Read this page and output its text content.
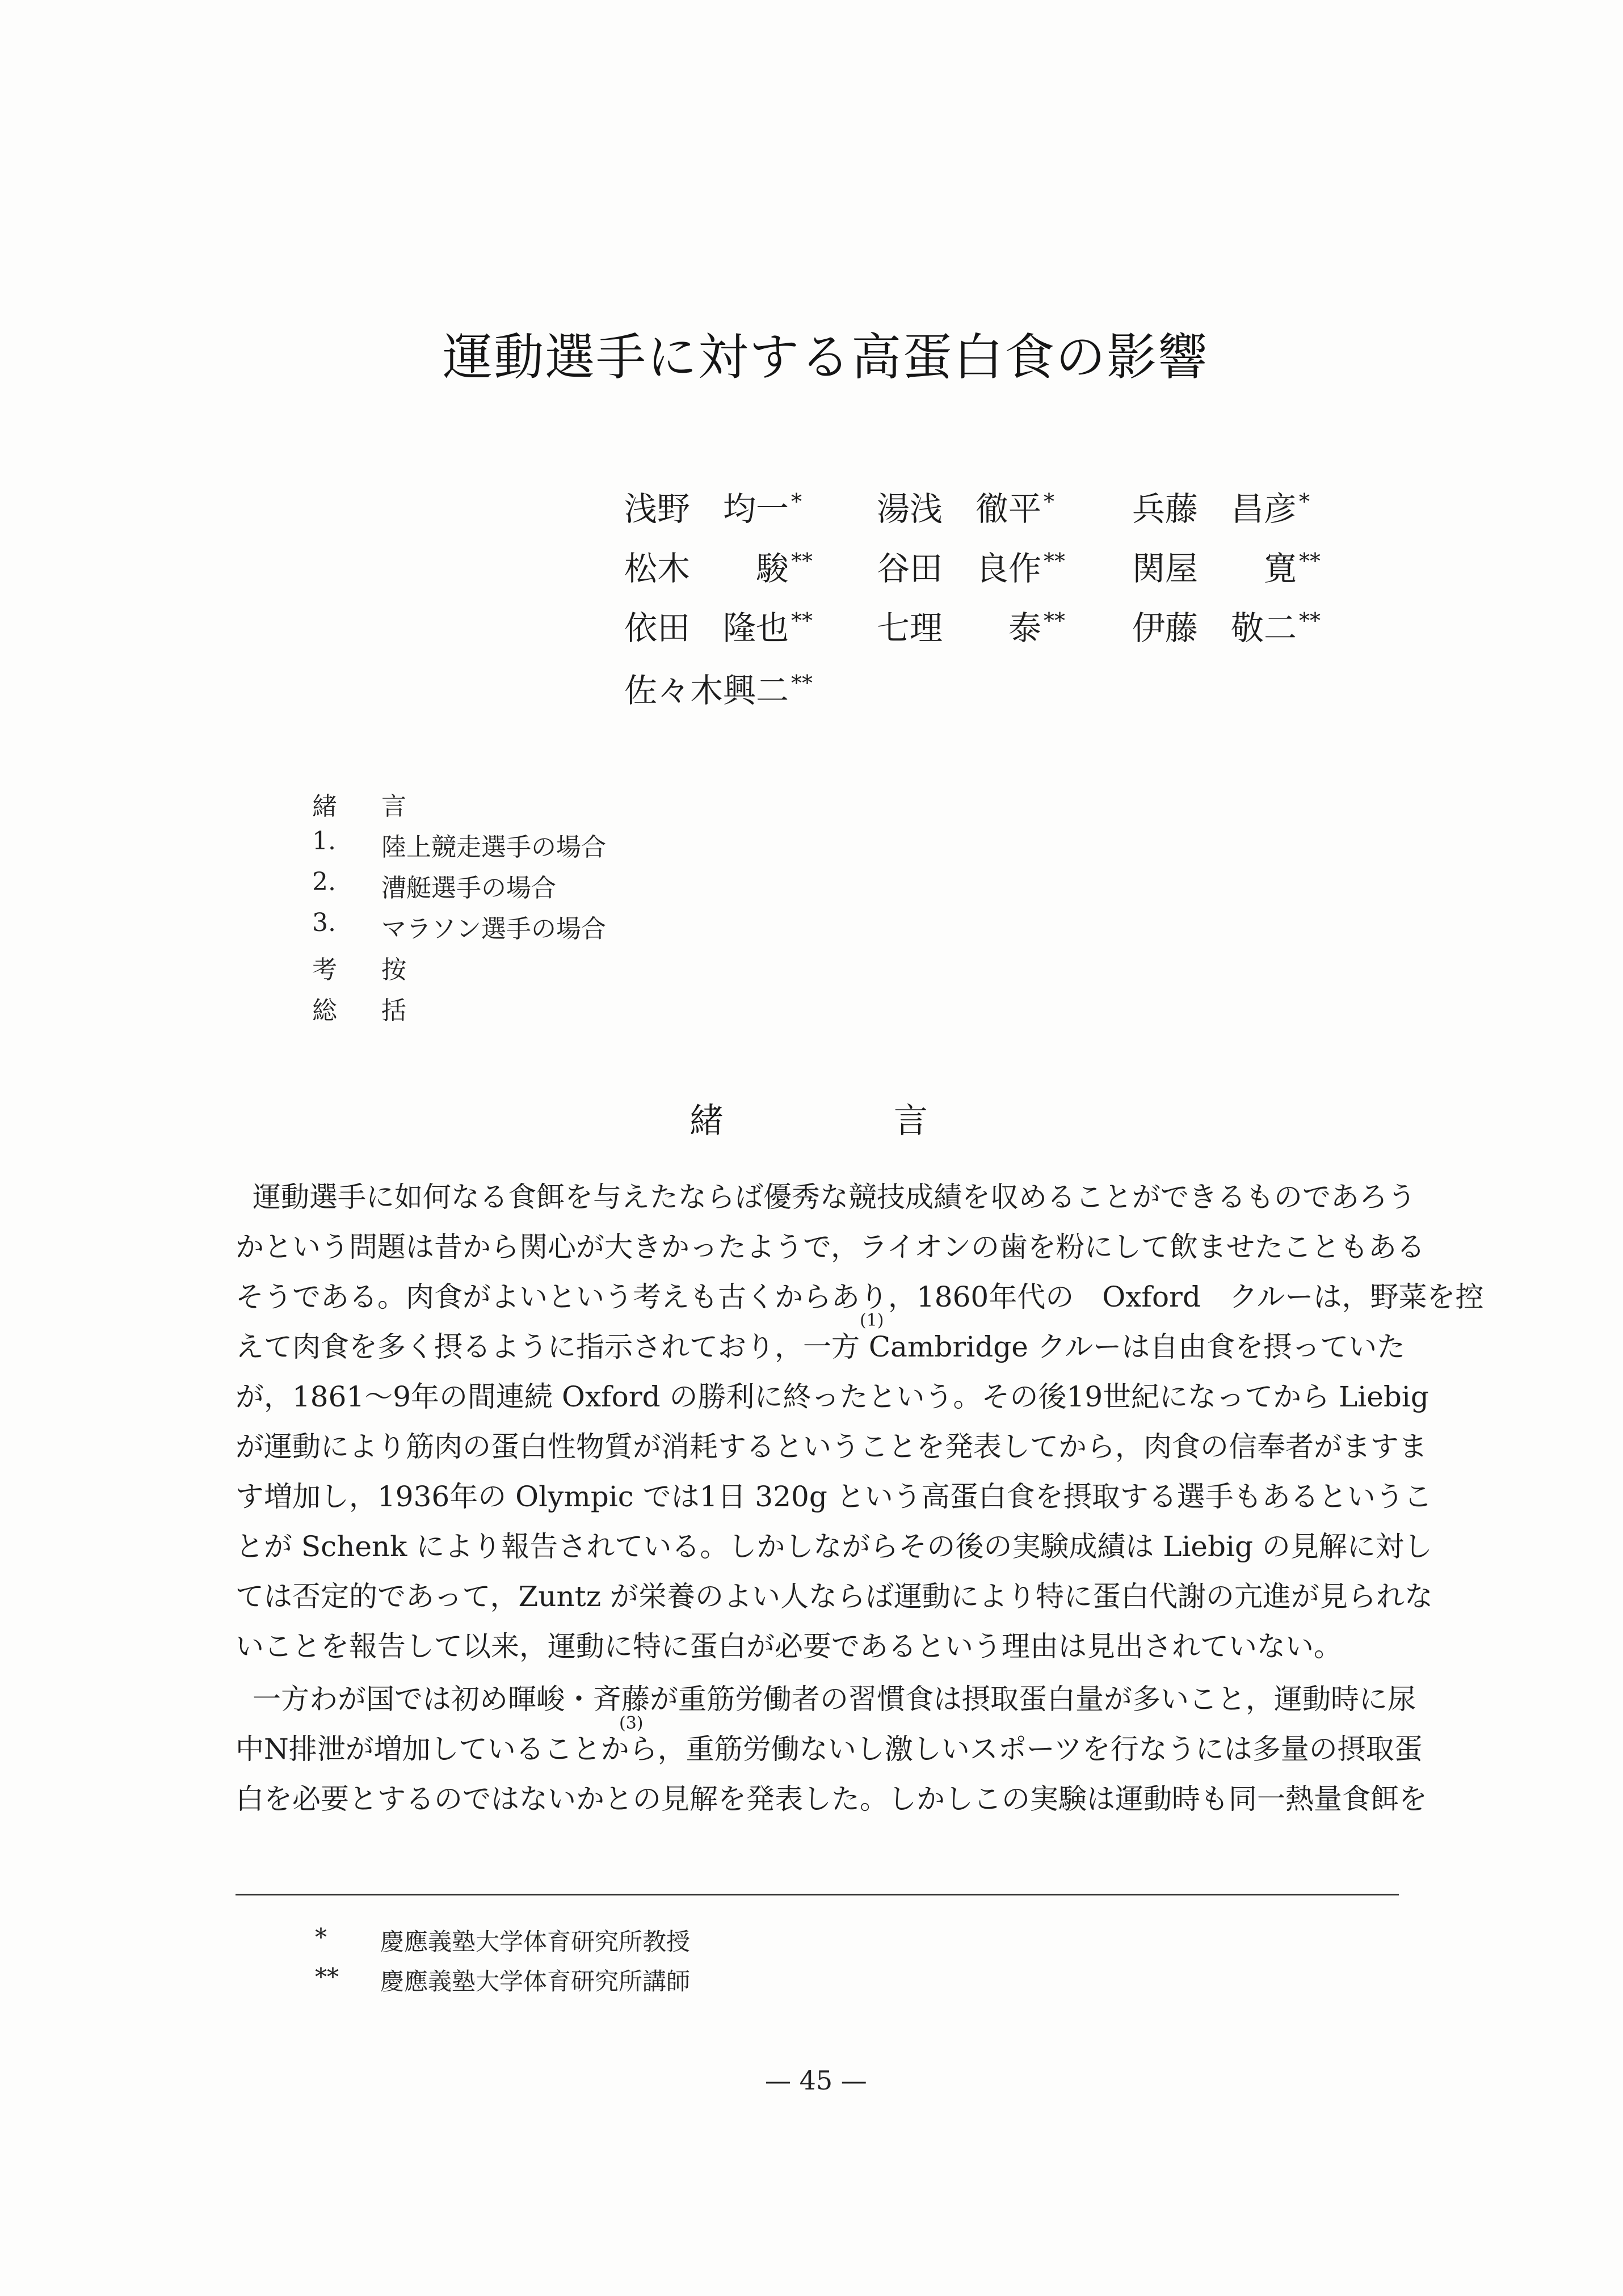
運動選手に対する高蛋白食の影響
浅野　均一 * 湯浅　徹平 * 兵藤　昌彦 *
松木　　駿 ** 谷田　良作 ** 関屋　　寛 **
依田　隆也 ** 七理　　泰 ** 伊藤　敬二 **
佐々木興二 **
緒 言
1. 陸上競走選手の場合
2. 漕艇選手の場合
3. マラソン選手の場合
考 按
総 括
緒	言
運動選手に如何なる食餌を与えたならば優秀な競技成績を収めることができるものであろう
かという問題は昔から関心が大きかったようで，ライオンの歯を粉にして飲ませたこともある
そうである。肉食がよいという考えも古くからあり，1860年代の　Oxford　クルーは，野菜を控
(1)
えて肉食を多く摂るように指示されており，一方 Cambridge クルーは自由食を摂っていた
が，1861～9年の間連続 Oxford の勝利に終ったという。その後19世紀になってから Liebig
が運動により筋肉の蛋白性物質が消耗するということを発表してから，肉食の信奉者がますま
す増加し，1936年の Olympic では1日 320g という高蛋白食を摂取する選手もあるというこ
とが Schenk により報告されている。しかしながらその後の実験成績は Liebig の見解に対し
ては否定的であって，Zuntz が栄養のよい人ならば運動により特に蛋白代謝の亢進が見られな
いことを報告して以来，運動に特に蛋白が必要であるという理由は見出されていない。
一方わが国では初め暉峻・斉藤が重筋労働者の習慣食は摂取蛋白量が多いこと，運動時に尿
(3)
中N排泄が増加していることから，重筋労働ないし激しいスポーツを行なうには多量の摂取蛋
白を必要とするのではないかとの見解を発表した。しかしこの実験は運動時も同一熱量食餌を
* 慶應義塾大学体育研究所教授
** 慶應義塾大学体育研究所講師
— 45 —
